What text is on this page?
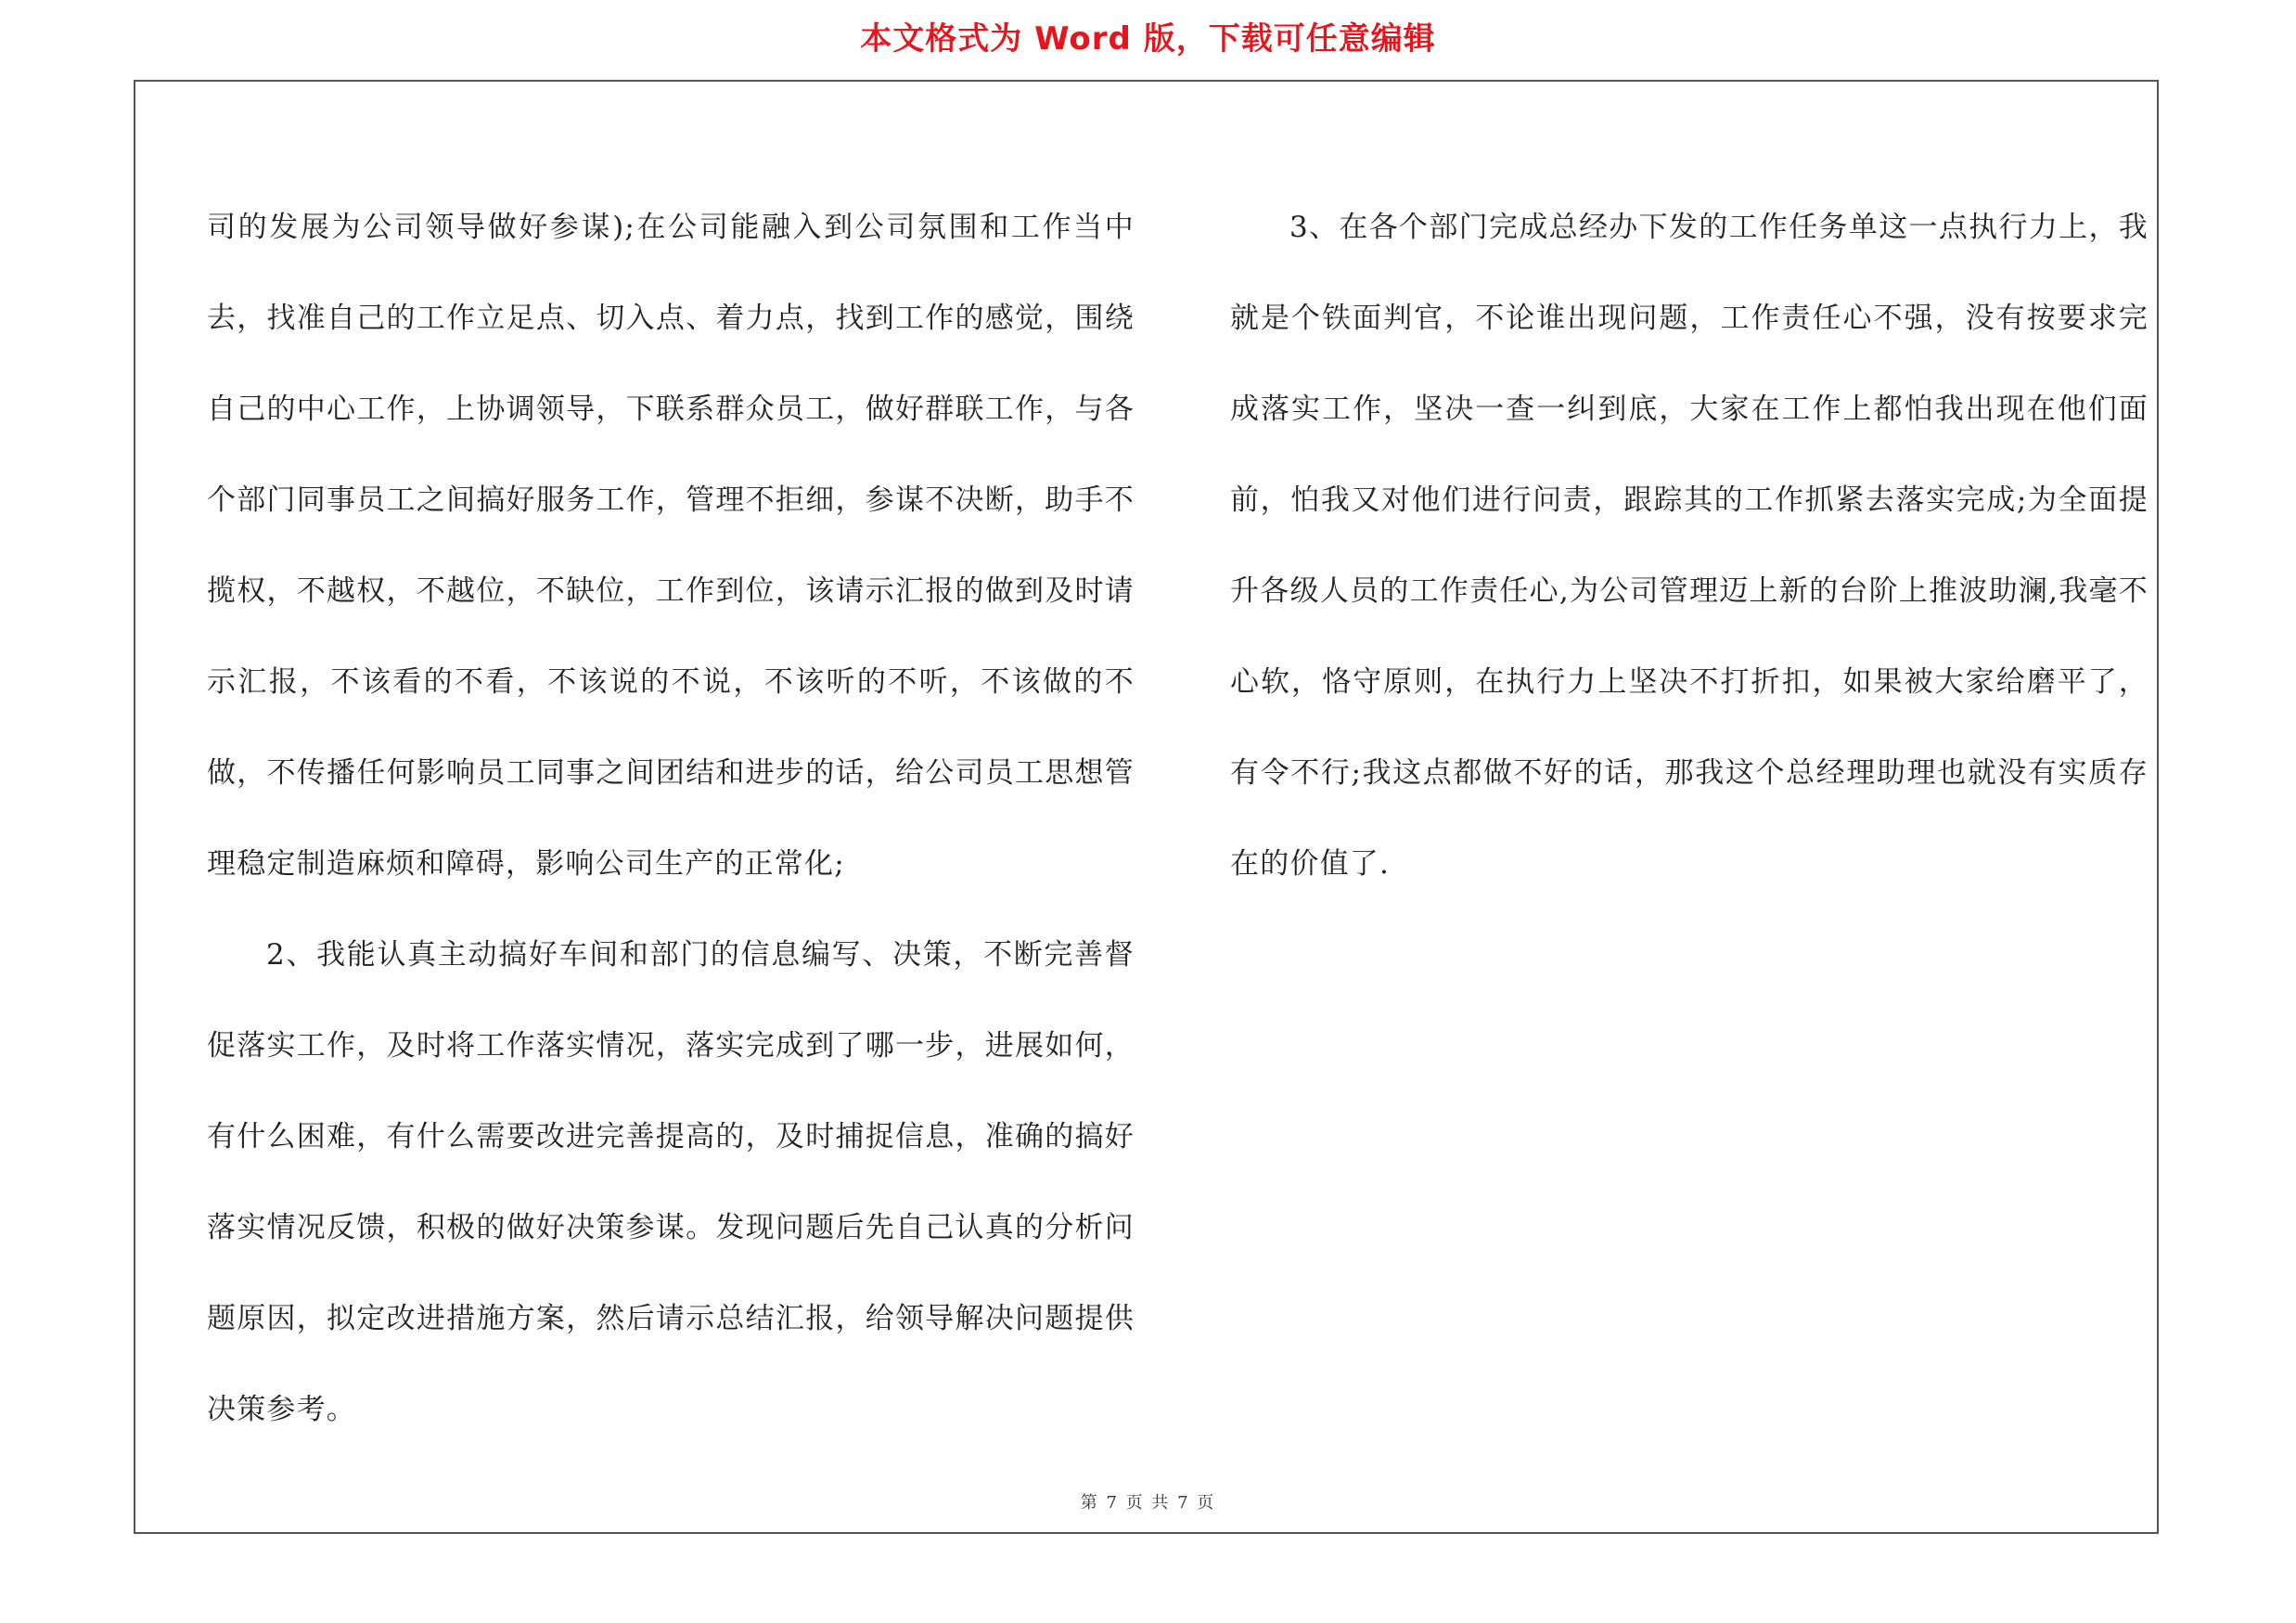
本文格式为 Word 版，下载可任意编辑

司的发展为公司领导做好参谋);在公司能融入到公司氛围和工作当中去，找准自己的工作立足点、切入点、着力点，找到工作的感觉，围绕自己的中心工作，上协调领导，下联系群众员工，做好群联工作，与各个部门同事员工之间搞好服务工作，管理不拒细，参谋不决断，助手不揽权，不越权，不越位，不缺位，工作到位，该请示汇报的做到及时请示汇报，不该看的不看，不该说的不说，不该听的不听，不该做的不做，不传播任何影响员工同事之间团结和进步的话，给公司员工思想管理稳定制造麻烦和障碍，影响公司生产的正常化;

2、我能认真主动搞好车间和部门的信息编写、决策，不断完善督促落实工作，及时将工作落实情况，落实完成到了哪一步，进展如何，有什么困难，有什么需要改进完善提高的，及时捕捉信息，准确的搞好落实情况反馈，积极的做好决策参谋。发现问题后先自己认真的分析问题原因，拟定改进措施方案，然后请示总结汇报，给领导解决问题提供决策参考。

3、在各个部门完成总经办下发的工作任务单这一点执行力上，我就是个铁面判官，不论谁出现问题，工作责任心不强，没有按要求完成落实工作，坚决一查一纠到底，大家在工作上都怕我出现在他们面前，怕我又对他们进行问责，跟踪其的工作抓紧去落实完成;为全面提升各级人员的工作责任心,为公司管理迈上新的台阶上推波助澜,我毫不心软，恪守原则，在执行力上坚决不打折扣，如果被大家给磨平了，有令不行;我这点都做不好的话，那我这个总经理助理也就没有实质存在的价值了.

第 7 页 共 7 页
